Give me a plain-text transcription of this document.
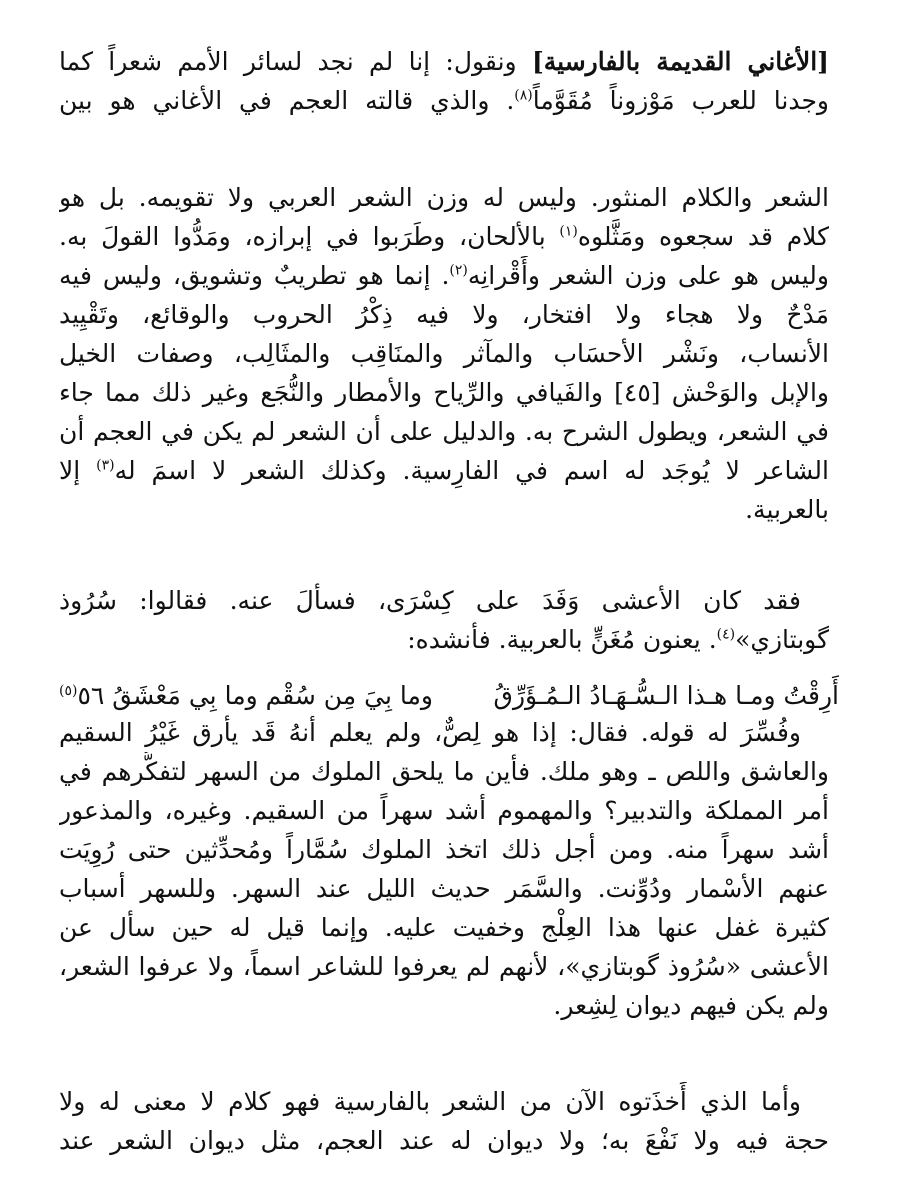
[الأغاني القديمة بالفارسية] ونقول: إنا لم نجد لسائر الأمم شعراً كما
وجدنا للعرب مَوْزوناً مُقَوَّماً$^{(٨)}$. والذي قالته العجم في الأغاني هو بين
الشعر والكلام المنثور. وليس له وزن الشعر العربي ولا تقويمه. بل هو
كلام قد سجعوه ومَثَّلوه$^{(١)}$ بالألحان، وطَرَبوا في إبرازه، ومَدُّوا القولَ به.
وليس هو على وزن الشعر وأَقْرانِه$^{(٢)}$. إنما هو تطريبٌ وتشويق، وليس فيه
مَدْحٌ ولا هجاء ولا افتخار، ولا فيه ذِكْرُ الحروب والوقائع، وتَقْيِيد
الأنساب، ونَشْر الأحسَاب والمآثر والمنَاقِب والمثَالِب، وصفات الخيل
والإبل والوَحْش [٤٥] والفَيافي والرِّياح والأمطار والنُّجَع وغير ذلك مما جاء
في الشعر، ويطول الشرح به. والدليل على أن الشعر لم يكن في العجم أن
الشاعر لا يُوجَد له اسم في الفارِسية. وكذلك الشعر لا اسمَ له$^{(٣)}$ إلا
بالعربية.
فقد كان الأعشى وَفَدَ على كِسْرَى، فسألَ عنه. فقالوا: سُرُوذ
گوبتازي»$^{(٤)}$. يعنون مُغَنٍّ بالعربية. فأنشده:
أَرِقْتُ ومـا هـذا الـسُّـهَـادُ الـمُـؤَرِّقُ
وما بِيَ مِن سُقْم وما بِي مَعْشَقُ ٥٦(٥)
وفُسِّرَ له قوله. فقال: إذا هو لِصٌّ، ولم يعلم أنهُ قَد يأرق غَيْرُ السقيم
والعاشق واللص ـ وهو ملك. فأين ما يلحق الملوك من السهر لتفكُّرهم في
أمر المملكة والتدبير؟ والمهموم أشد سهراً من السقيم. وغيره، والمذعور
أشد سهراً منه. ومن أجل ذلك اتخذ الملوك سُمَّاراً ومُحدِّثين حتى رُوِيَت
عنهم الأسْمار ودُوِّنت. والسَّمَر حديث الليل عند السهر. وللسهر أسباب
كثيرة غفل عنها هذا العِلْج وخفيت عليه. وإنما قيل له حين سأل عن
الأعشى «سُرُوذ گوبتازي»، لأنهم لم يعرفوا للشاعر اسماً، ولا عرفوا الشعر،
ولم يكن فيهم ديوان لِشِعر.
وأما الذي أَخذَتوه الآن من الشعر بالفارسية فهو كلام لا معنى له ولا
حجة فيه ولا نَفْعَ به؛ ولا ديوان له عند العجم، مثل ديوان الشعر عند
